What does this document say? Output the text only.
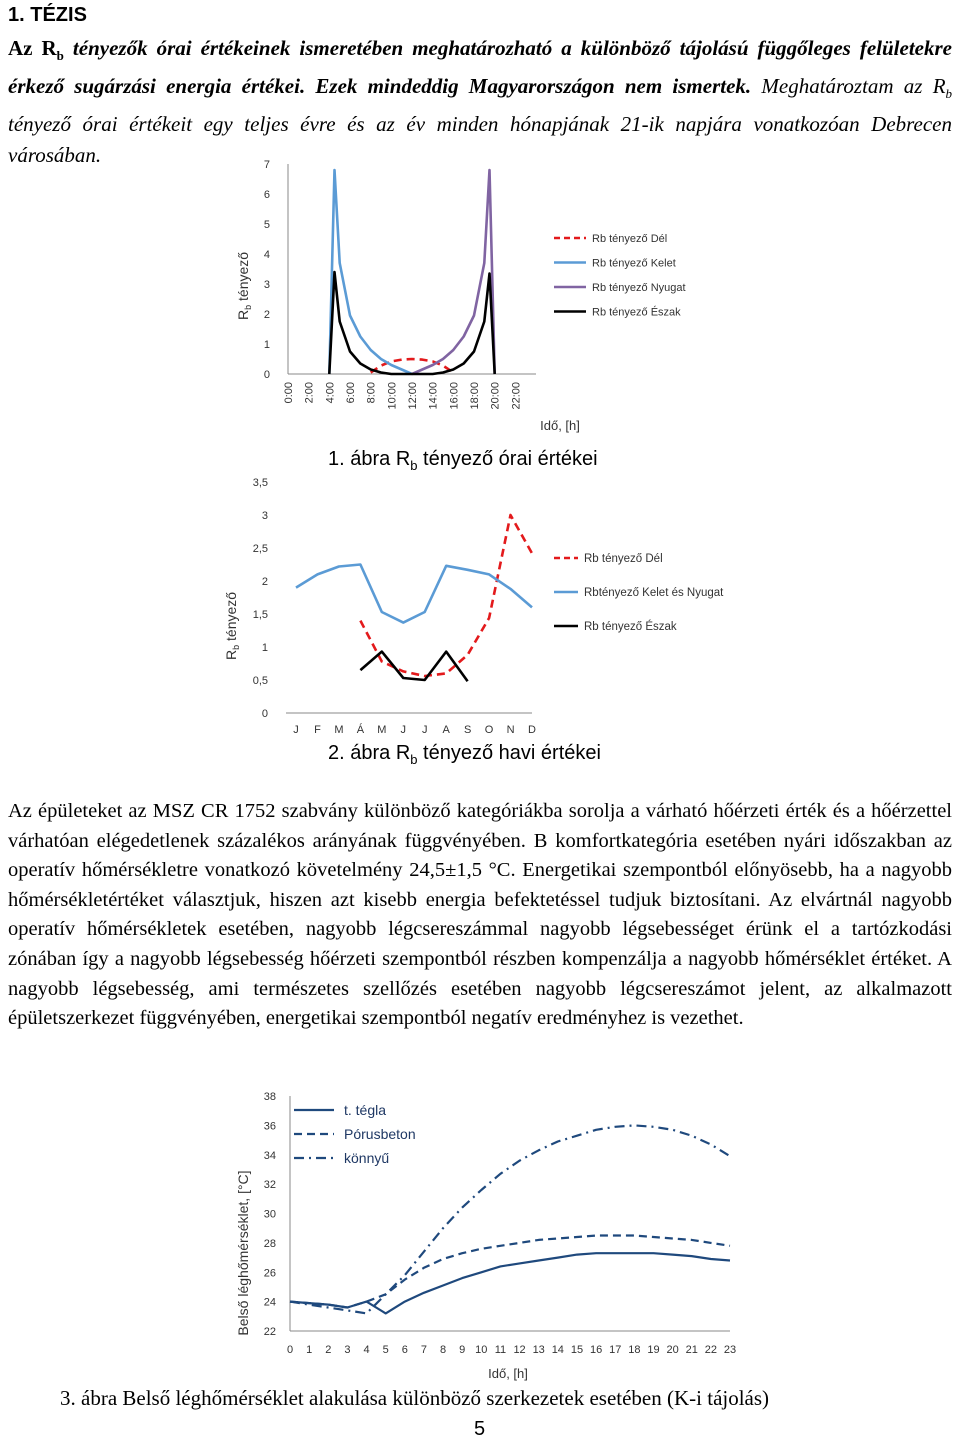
1. TÉZIS
Az $R_b$ tényezők órai értékeinek ismeretében meghatározható a különböző tájolású függőleges felületekre érkező sugárzási energia értékei. Ezek mindeddig Magyarországon nem ismertek. Meghatároztam az $R_b$ tényező órai értékeit egy teljes évre és az év minden hónapjának 21-ik napjára vonatkozóan Debrecen városában.
0
1
2
3
4
5
6
7
0:00 2:00 4:00 6:00 8:00 10:00 12:00 14:00 16:00 18:00 20:00 22:00
Rb tényező Dél
Rb tényező Kelet
Rb tényező Nyugat
Rb tényező Észak
$R_b$ tényező
Idő, [h]
1. ábra $R_b$ tényező órai értékei
0
0,5
1
1,5
2
2,5
3
3,5
J F M Á M J J A S O N D
Rb tényező Dél
Rbtényező Kelet és Nyugat
Rb tényező Észak
$R_b$ tényező
2. ábra $R_b$ tényező havi értékei
Az épületeket az MSZ CR 1752 szabvány különböző kategóriákba sorolja a várható hőérzeti érték és a hőérzettel várhatóan elégedetlenek százalékos arányának függvényében. B komfortkategória esetében nyári időszakban az operatív hőmérsékletre vonatkozó követelmény 24,5±1,5 °C. Energetikai szempontból előnyösebb, ha a nagyobb hőmérsékletértéket választjuk, hiszen azt kisebb energia befektetéssel tudjuk biztosítani. Az elvártnál nagyobb operatív hőmérsékletek esetében, nagyobb légcsereszámmal nagyobb légsebességet érünk el a tartózkodási zónában így a nagyobb légsebesség hőérzeti szempontból részben kompenzálja a nagyobb hőmérséklet értéket. A nagyobb légsebesség, ami természetes szellőzés esetében nagyobb légcsereszámot jelent, az alkalmazott épületszerkezet függvényében, energetikai szempontból negatív eredményhez is vezethet.
22
24
26
28
30
32
34
36
38
0 1 2 3 4 5 6 7 8 9 10 11 12 13 14 15 16 17 18 19 20 21 22 23
t. tégla
Pórusbeton
könnyű
Belső léghőmérséklet, [°C]
Idő, [h]
3. ábra Belső léghőmérséklet alakulása különböző szerkezetek esetében (K-i tájolás)
5
